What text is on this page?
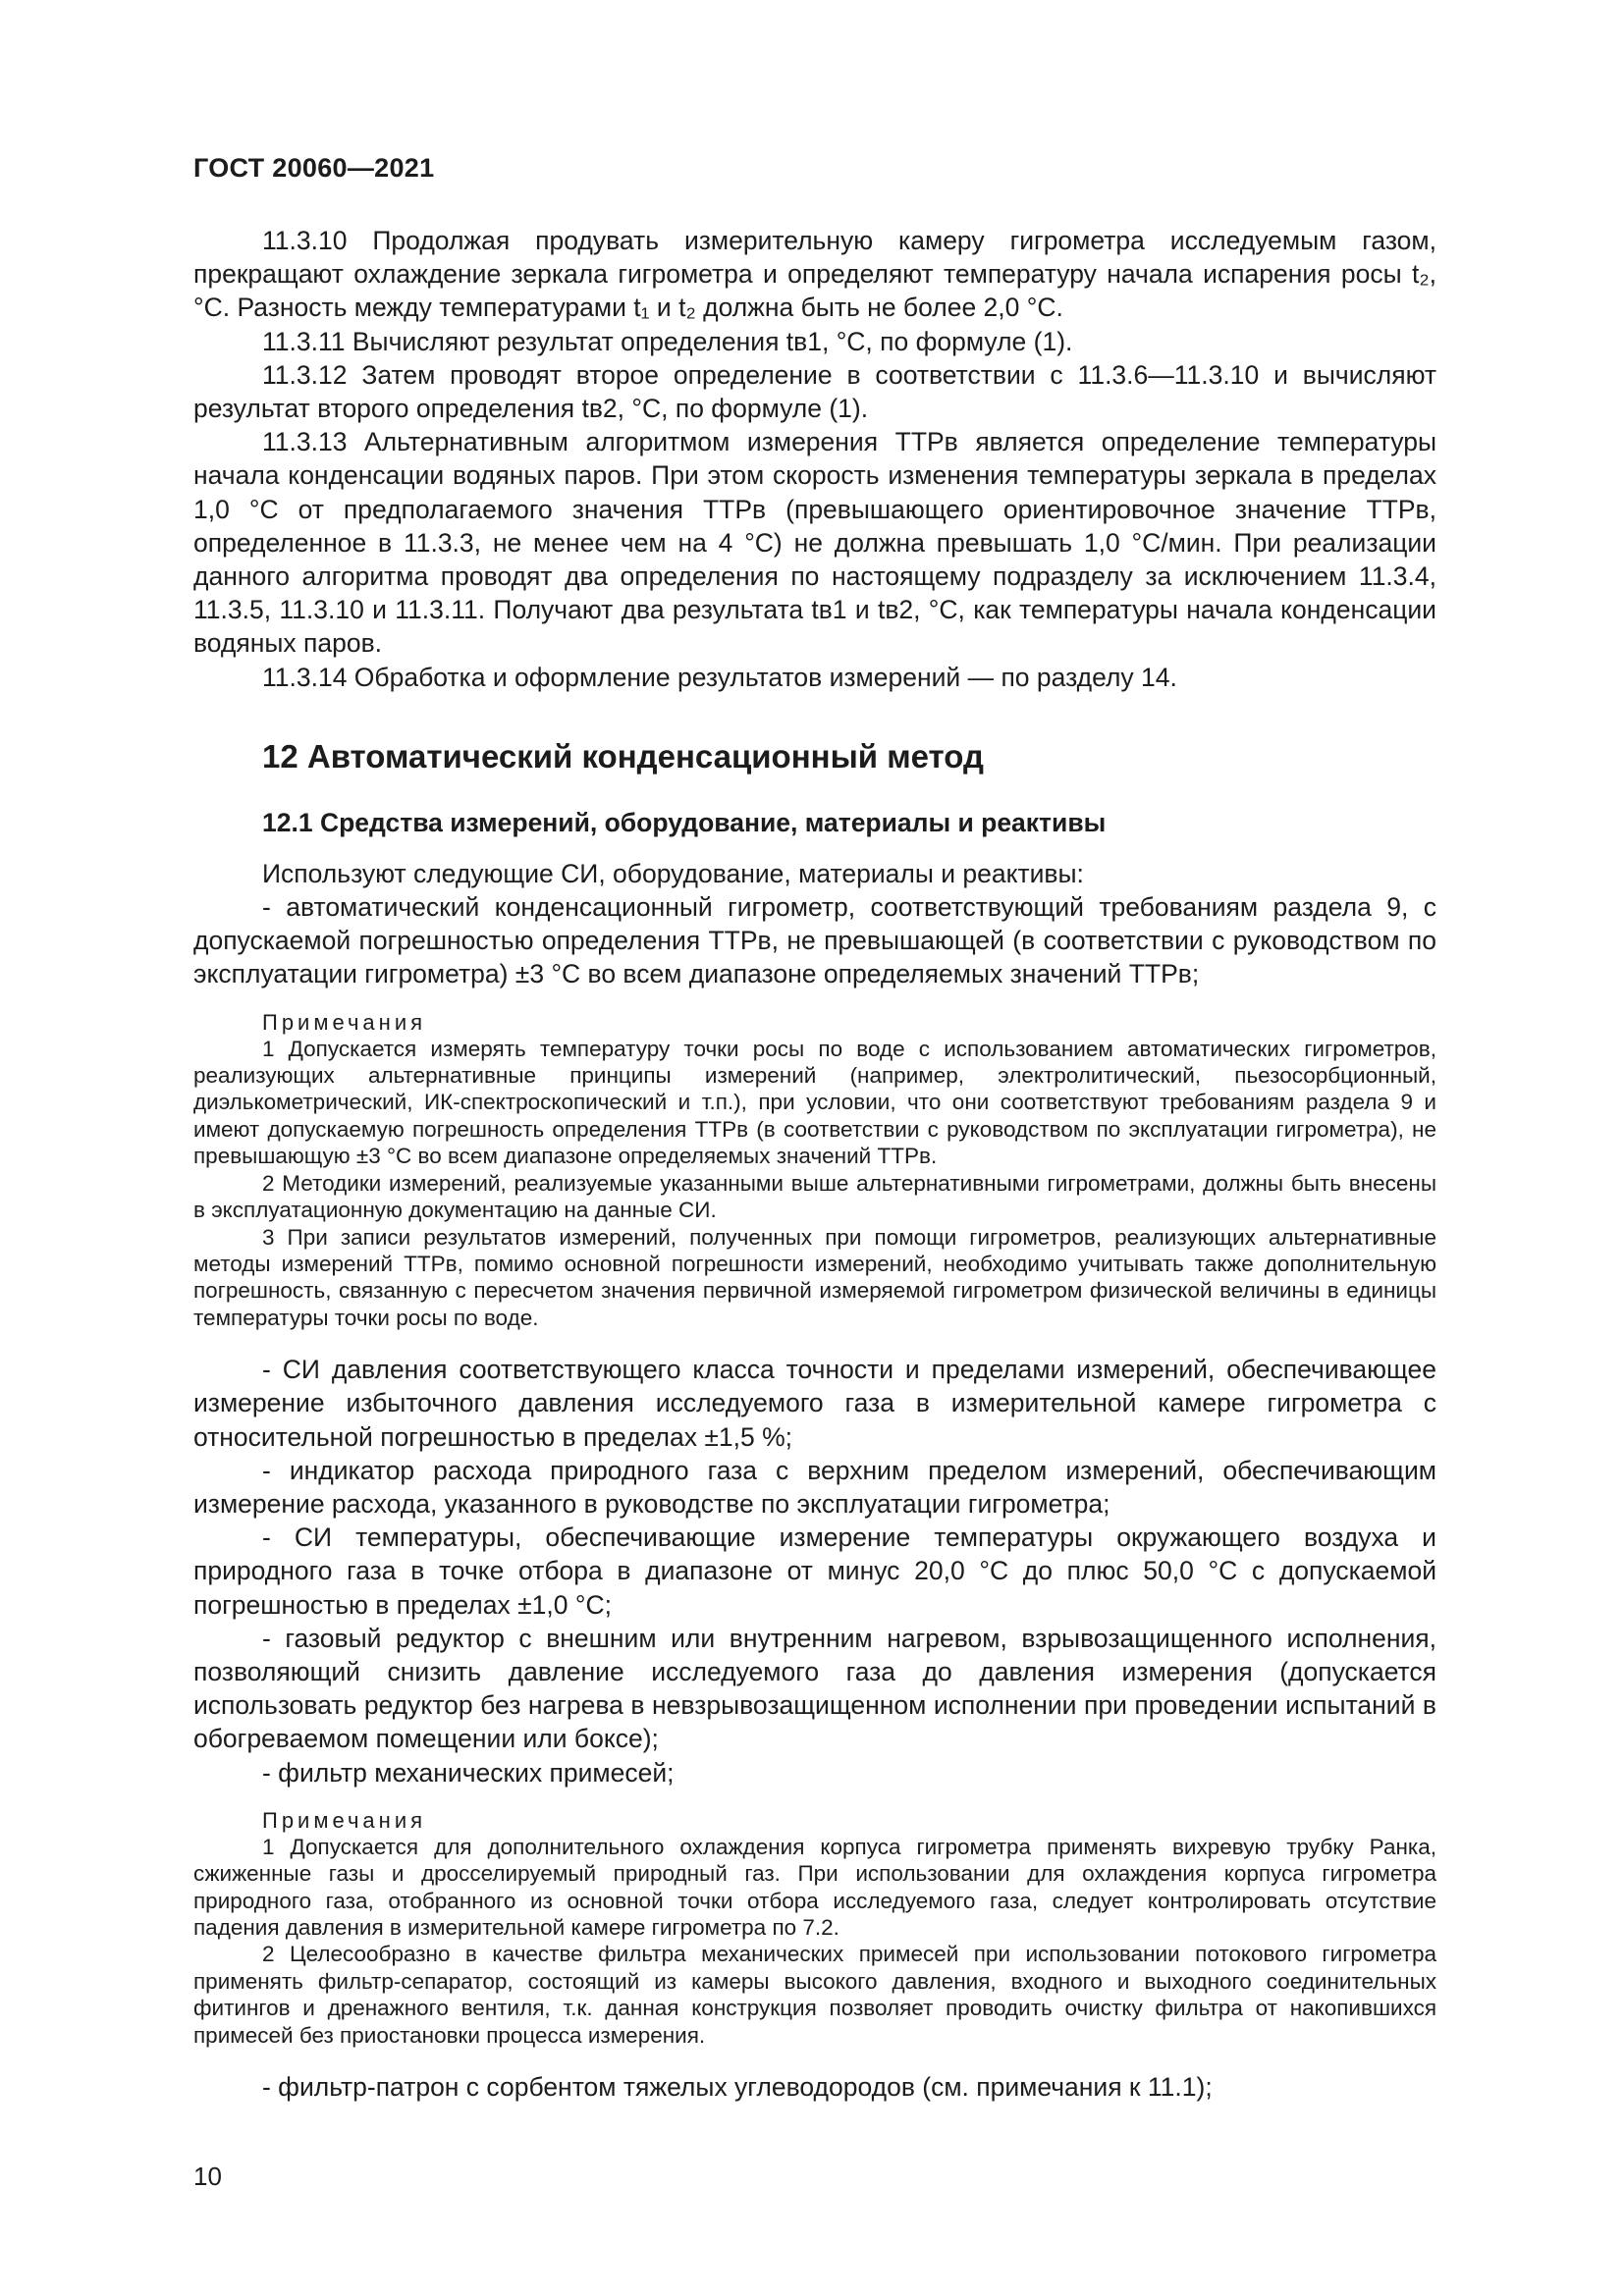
ГОСТ 20060—2021

11.3.10 Продолжая продувать измерительную камеру гигрометра исследуемым газом, прекращают охлаждение зеркала гигрометра и определяют температуру начала испарения росы t₂, °C. Разность между температурами t₁ и t₂ должна быть не более 2,0 °C.

11.3.11 Вычисляют результат определения tв1, °C, по формуле (1).

11.3.12 Затем проводят второе определение в соответствии с 11.3.6—11.3.10 и вычисляют результат второго определения tв2, °C, по формуле (1).

11.3.13 Альтернативным алгоритмом измерения ТТРв является определение температуры начала конденсации водяных паров. При этом скорость изменения температуры зеркала в пределах 1,0 °C от предполагаемого значения ТТРв (превышающего ориентировочное значение ТТРв, определенное в 11.3.3, не менее чем на 4 °C) не должна превышать 1,0 °C/мин. При реализации данного алгоритма проводят два определения по настоящему подразделу за исключением 11.3.4, 11.3.5, 11.3.10 и 11.3.11. Получают два результата tв1 и tв2, °C, как температуры начала конденсации водяных паров.

11.3.14 Обработка и оформление результатов измерений — по разделу 14.

12 Автоматический конденсационный метод
12.1 Средства измерений, оборудование, материалы и реактивы

Используют следующие СИ, оборудование, материалы и реактивы:

- автоматический конденсационный гигрометр, соответствующий требованиям раздела 9, с допускаемой погрешностью определения ТТРв, не превышающей (в соответствии с руководством по эксплуатации гигрометра) ±3 °C во всем диапазоне определяемых значений ТТРв;

Примечания

1 Допускается измерять температуру точки росы по воде с использованием автоматических гигрометров, реализующих альтернативные принципы измерений (например, электролитический, пьезосорбционный, диэлькометрический, ИК-спектроскопический и т.п.), при условии, что они соответствуют требованиям раздела 9 и имеют допускаемую погрешность определения ТТРв (в соответствии с руководством по эксплуатации гигрометра), не превышающую ±3 °C во всем диапазоне определяемых значений ТТРв.

2 Методики измерений, реализуемые указанными выше альтернативными гигрометрами, должны быть внесены в эксплуатационную документацию на данные СИ.

3 При записи результатов измерений, полученных при помощи гигрометров, реализующих альтернативные методы измерений ТТРв, помимо основной погрешности измерений, необходимо учитывать также дополнительную погрешность, связанную с пересчетом значения первичной измеряемой гигрометром физической величины в единицы температуры точки росы по воде.

- СИ давления соответствующего класса точности и пределами измерений, обеспечивающее измерение избыточного давления исследуемого газа в измерительной камере гигрометра с относительной погрешностью в пределах ±1,5 %;

- индикатор расхода природного газа с верхним пределом измерений, обеспечивающим измерение расхода, указанного в руководстве по эксплуатации гигрометра;

- СИ температуры, обеспечивающие измерение температуры окружающего воздуха и природного газа в точке отбора в диапазоне от минус 20,0 °C до плюс 50,0 °C с допускаемой погрешностью в пределах ±1,0 °C;

- газовый редуктор с внешним или внутренним нагревом, взрывозащищенного исполнения, позволяющий снизить давление исследуемого газа до давления измерения (допускается использовать редуктор без нагрева в невзрывозащищенном исполнении при проведении испытаний в обогреваемом помещении или боксе);

- фильтр механических примесей;

Примечания

1 Допускается для дополнительного охлаждения корпуса гигрометра применять вихревую трубку Ранка, сжиженные газы и дросселируемый природный газ. При использовании для охлаждения корпуса гигрометра природного газа, отобранного из основной точки отбора исследуемого газа, следует контролировать отсутствие падения давления в измерительной камере гигрометра по 7.2.

2 Целесообразно в качестве фильтра механических примесей при использовании потокового гигрометра применять фильтр-сепаратор, состоящий из камеры высокого давления, входного и выходного соединительных фитингов и дренажного вентиля, т.к. данная конструкция позволяет проводить очистку фильтра от накопившихся примесей без приостановки процесса измерения.

- фильтр-патрон с сорбентом тяжелых углеводородов (см. примечания к 11.1);

10
